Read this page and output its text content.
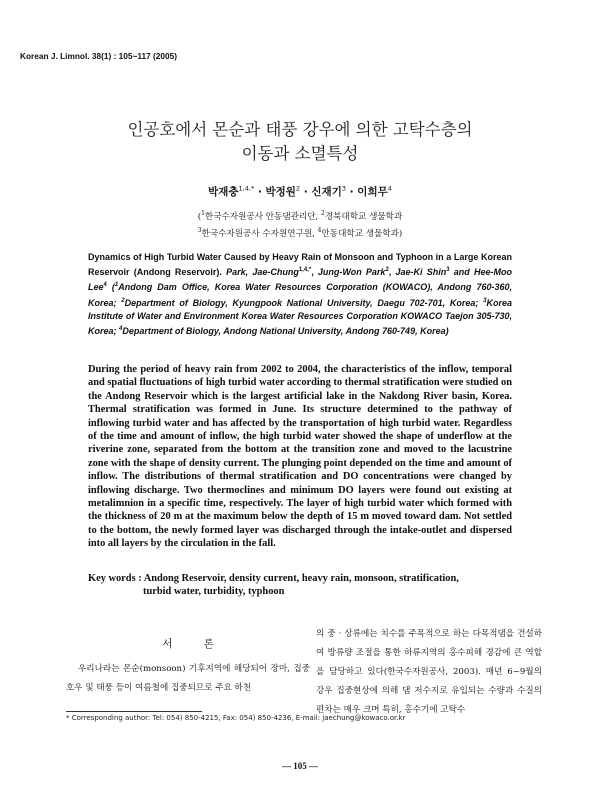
Korean J. Limnol. 38(1) : 105~117 (2005)
인공호에서 몬순과 태풍 강우에 의한 고탁수층의
이동과 소멸특성
박재충$^{1,4,*}$ · 박정원$^2$ · 신재기$^3$ · 이희무$^4$
($^1$한국수자원공사 안동댐관리단, $^2$경북대학교 생물학과
$^3$한국수자원공사 수자원연구원, $^4$안동대학교 생물학과)
Dynamics of High Turbid Water Caused by Heavy Rain of Monsoon and Typhoon in a Large Korean Reservoir (Andong Reservoir). Park, Jae-Chung$^{1,4,*}$, Jung-Won Park$^2$, Jae-Ki Shin$^3$ and Hee-Moo Lee$^4$ ($^1$Andong Dam Office, Korea Water Resources Corporation (KOWACO), Andong 760-360, Korea; $^2$Department of Biology, Kyungpook National University, Daegu 702-701, Korea; $^3$Korea Institute of Water and Environment Korea Water Resources Corporation KOWACO Taejon 305-730, Korea; $^4$Department of Biology, Andong National University, Andong 760-749, Korea)

During the period of heavy rain from 2002 to 2004, the characteristics of the inflow, temporal and spatial fluctuations of high turbid water according to thermal stratification were studied on the Andong Reservoir which is the largest artificial lake in the Nakdong River basin, Korea. Thermal stratification was formed in June. Its structure determined to the pathway of inflowing turbid water and has affected by the transportation of high turbid water. Regardless of the time and amount of inflow, the high turbid water showed the shape of underflow at the riverine zone, separated from the bottom at the transition zone and moved to the lacustrine zone with the shape of density current. The plunging point depended on the time and amount of inflow. The distributions of thermal stratification and DO concentrations were changed by inflowing discharge. Two thermoclines and minimum DO layers were found out existing at metalimnion in a specific time, respectively. The layer of high turbid water which formed with the thickness of 20 m at the maximum below the depth of 15 m moved toward dam. Not settled to the bottom, the newly formed layer was discharged through the intake-outlet and dispersed into all layers by the circulation in the fall.

Key words : Andong Reservoir, density current, heavy rain, monsoon, stratification,
turbid water, turbidity, typhoon
서 론

우리나라는 몬순(monsoon) 기후지역에 해당되어 장마, 집중호우 및 태풍 등이 여름철에 집중되므로 주요 하천

의 중 · 상류에는 치수를 주목적으로 하는 다목적댐을 건설하여 방류량 조절을 통한 하류지역의 홍수피해 경감에 큰 역할을 담당하고 있다(한국수자원공사, 2003). 매년 6~9월의 강우 집중현상에 의해 댐 저수지로 유입되는 수량과 수질의 편차는 매우 크며 특히, 홍수기에 고탁수

* Corresponding author: Tel: 054) 850-4215, Fax: 054) 850-4236, E-mail: jaechung@kowaco.or.kr
— 105 —
